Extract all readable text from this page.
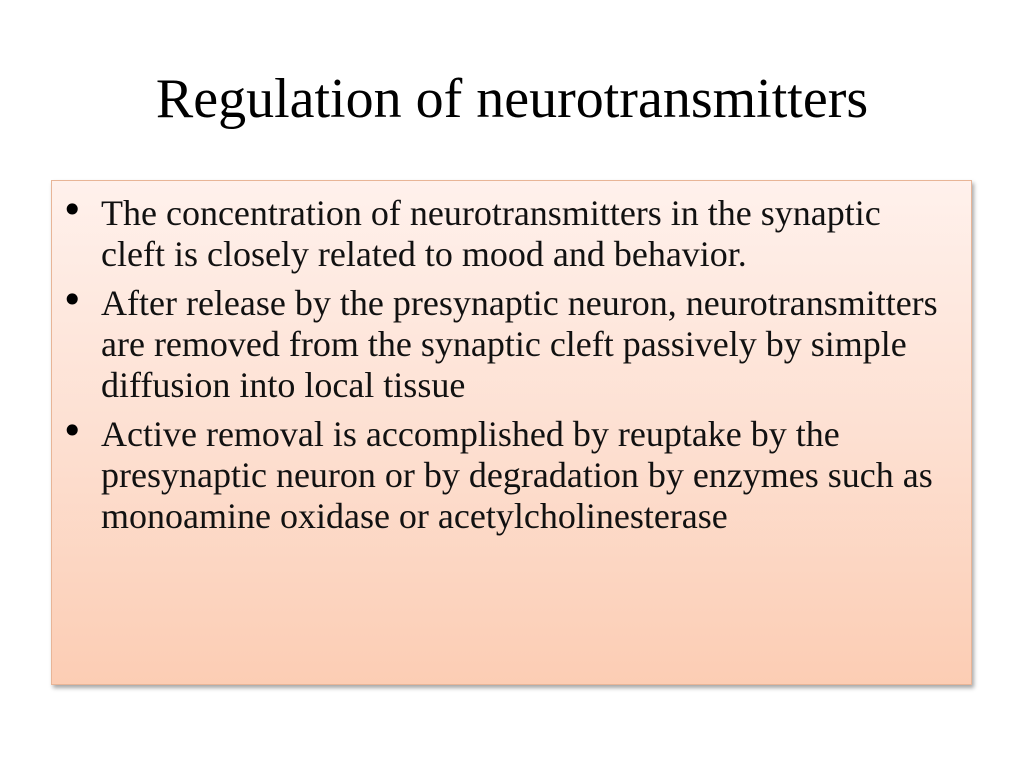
Regulation of neurotransmitters
• The concentration of neurotransmitters in the synaptic cleft is closely related to mood and behavior.
• After release by the presynaptic neuron, neurotransmitters are removed from the synaptic cleft passively by simple diffusion into local tissue
• Active removal is accomplished by reuptake by the presynaptic neuron or by degradation by enzymes such as monoamine oxidase or acetylcholinesterase
